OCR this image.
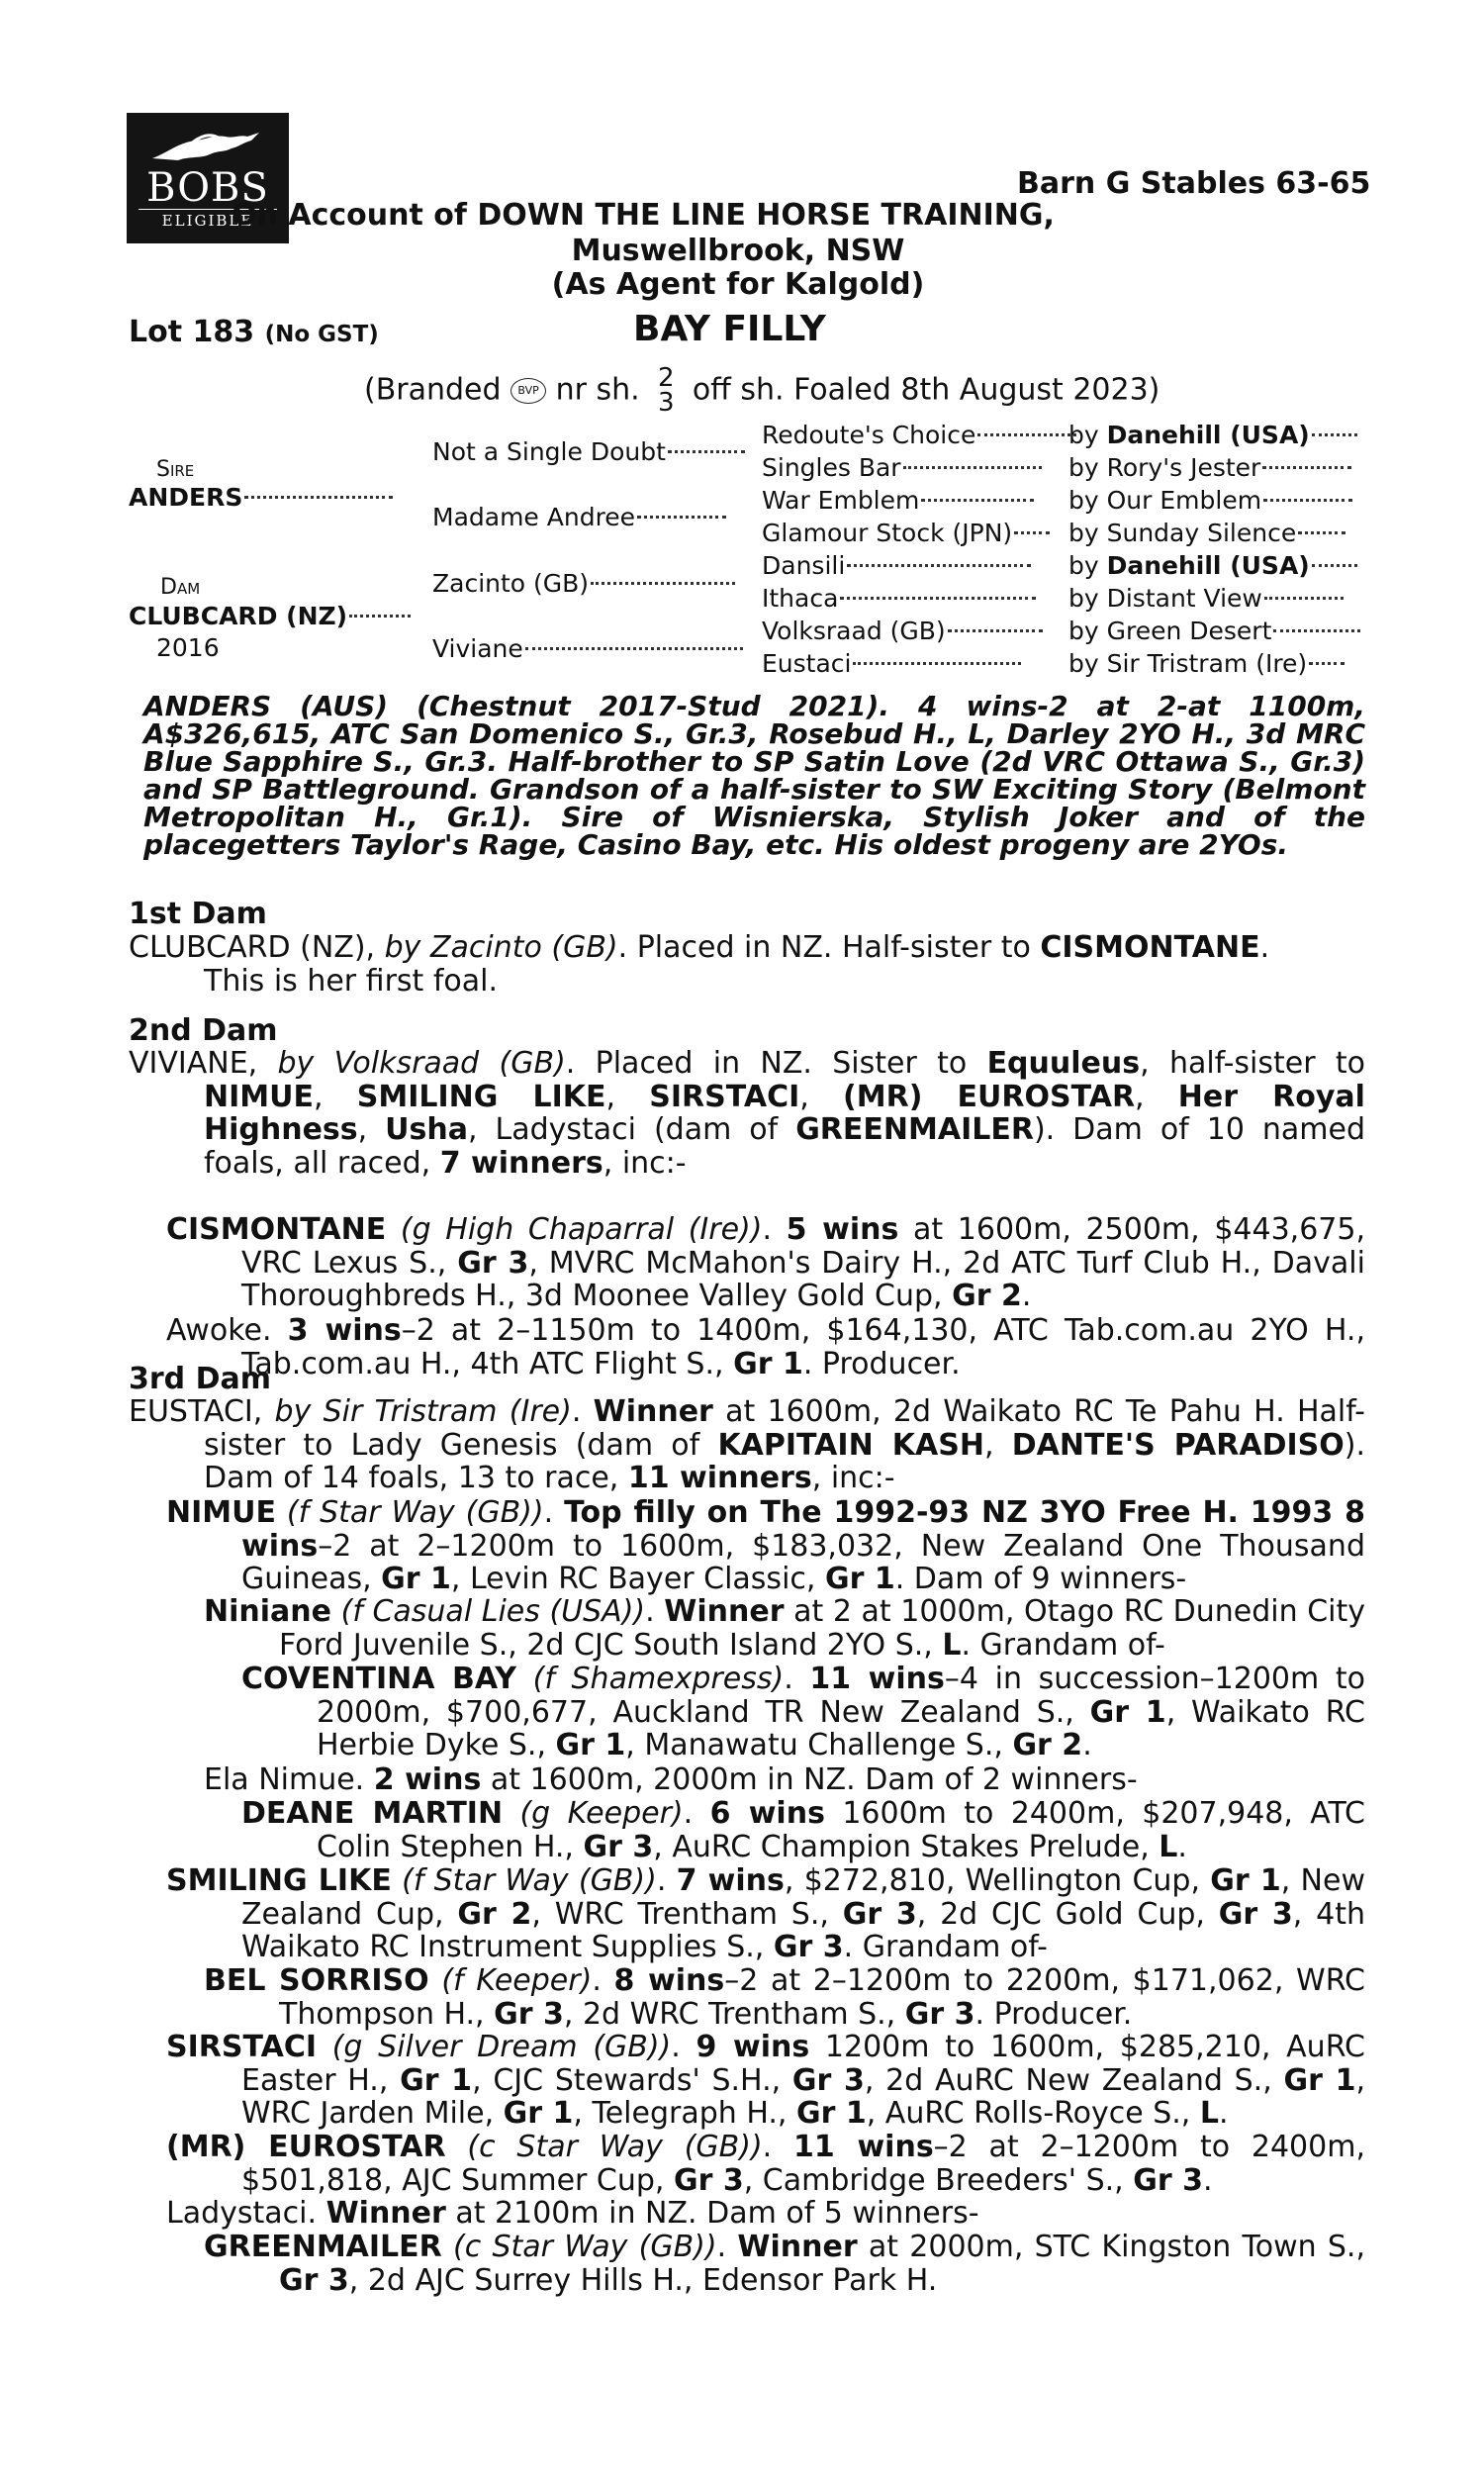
BOBS
ELIGIBLE
Barn G Stables 63-65
On Account of DOWN THE LINE HORSE TRAINING,
Muswellbrook, NSW
(As Agent for Kalgold)
Lot 183 (No GST)	BAY FILLY
(Branded BVP nr sh. 2
3 off sh. Foaled 8th August 2023)
Sire
ANDERS
Dam
CLUBCARD (NZ)
2016
Not a Single Doubt
Madame Andree
Zacinto (GB)
Viviane
Redoute's Choice	by Danehill (USA)
Singles Bar	by Rory's Jester
War Emblem	by Our Emblem
Glamour Stock (JPN)	by Sunday Silence
Dansili	by Danehill (USA)
Ithaca	by Distant View
Volksraad (GB)	by Green Desert
Eustaci	by Sir Tristram (Ire)
ANDERS (AUS) (Chestnut 2017-Stud 2021). 4 wins-2 at 2-at 1100m, A$326,615, ATC San Domenico S., Gr.3, Rosebud H., L, Darley 2YO H., 3d MRC Blue Sapphire S., Gr.3. Half-brother to SP Satin Love (2d VRC Ottawa S., Gr.3) and SP Battleground. Grandson of a half-sister to SW Exciting Story (Belmont Metropolitan H., Gr.1). Sire of Wisnierska, Stylish Joker and of the placegetters Taylor's Rage, Casino Bay, etc. His oldest progeny are 2YOs.
1st Dam
CLUBCARD (NZ), by Zacinto (GB). Placed in NZ. Half-sister to CISMONTANE.
This is her first foal.
2nd Dam
VIVIANE, by Volksraad (GB). Placed in NZ. Sister to Equuleus, half-sister to
NIMUE, SMILING LIKE, SIRSTACI, (MR) EUROSTAR, Her Royal Highness, Usha, Ladystaci (dam of GREENMAILER). Dam of 10 named foals, all raced, 7 winners, inc:-
CISMONTANE (g High Chaparral (Ire)). 5 wins at 1600m, 2500m, $443,675, VRC Lexus S., Gr 3, MVRC McMahon's Dairy H., 2d ATC Turf Club H., Davali Thoroughbreds H., 3d Moonee Valley Gold Cup, Gr 2.
Awoke. 3 wins–2 at 2–1150m to 1400m, $164,130, ATC Tab.com.au 2YO H., Tab.com.au H., 4th ATC Flight S., Gr 1. Producer.
3rd Dam
EUSTACI, by Sir Tristram (Ire). Winner at 1600m, 2d Waikato RC Te Pahu H. Half-sister to Lady Genesis (dam of KAPITAIN KASH, DANTE'S PARADISO). Dam of 14 foals, 13 to race, 11 winners, inc:-
NIMUE (f Star Way (GB)). Top filly on The 1992-93 NZ 3YO Free H. 1993 8 wins–2 at 2–1200m to 1600m, $183,032, New Zealand One Thousand Guineas, Gr 1, Levin RC Bayer Classic, Gr 1. Dam of 9 winners-
Niniane (f Casual Lies (USA)). Winner at 2 at 1000m, Otago RC Dunedin City Ford Juvenile S., 2d CJC South Island 2YO S., L. Grandam of-
COVENTINA BAY (f Shamexpress). 11 wins–4 in succession–1200m to 2000m, $700,677, Auckland TR New Zealand S., Gr 1, Waikato RC Herbie Dyke S., Gr 1, Manawatu Challenge S., Gr 2.
Ela Nimue. 2 wins at 1600m, 2000m in NZ. Dam of 2 winners-
DEANE MARTIN (g Keeper). 6 wins 1600m to 2400m, $207,948, ATC Colin Stephen H., Gr 3, AuRC Champion Stakes Prelude, L.
SMILING LIKE (f Star Way (GB)). 7 wins, $272,810, Wellington Cup, Gr 1, New Zealand Cup, Gr 2, WRC Trentham S., Gr 3, 2d CJC Gold Cup, Gr 3, 4th Waikato RC Instrument Supplies S., Gr 3. Grandam of-
BEL SORRISO (f Keeper). 8 wins–2 at 2–1200m to 2200m, $171,062, WRC Thompson H., Gr 3, 2d WRC Trentham S., Gr 3. Producer.
SIRSTACI (g Silver Dream (GB)). 9 wins 1200m to 1600m, $285,210, AuRC Easter H., Gr 1, CJC Stewards' S.H., Gr 3, 2d AuRC New Zealand S., Gr 1, WRC Jarden Mile, Gr 1, Telegraph H., Gr 1, AuRC Rolls-Royce S., L.
(MR) EUROSTAR (c Star Way (GB)). 11 wins–2 at 2–1200m to 2400m, $501,818, AJC Summer Cup, Gr 3, Cambridge Breeders' S., Gr 3.
Ladystaci. Winner at 2100m in NZ. Dam of 5 winners-
GREENMAILER (c Star Way (GB)). Winner at 2000m, STC Kingston Town S., Gr 3, 2d AJC Surrey Hills H., Edensor Park H.
